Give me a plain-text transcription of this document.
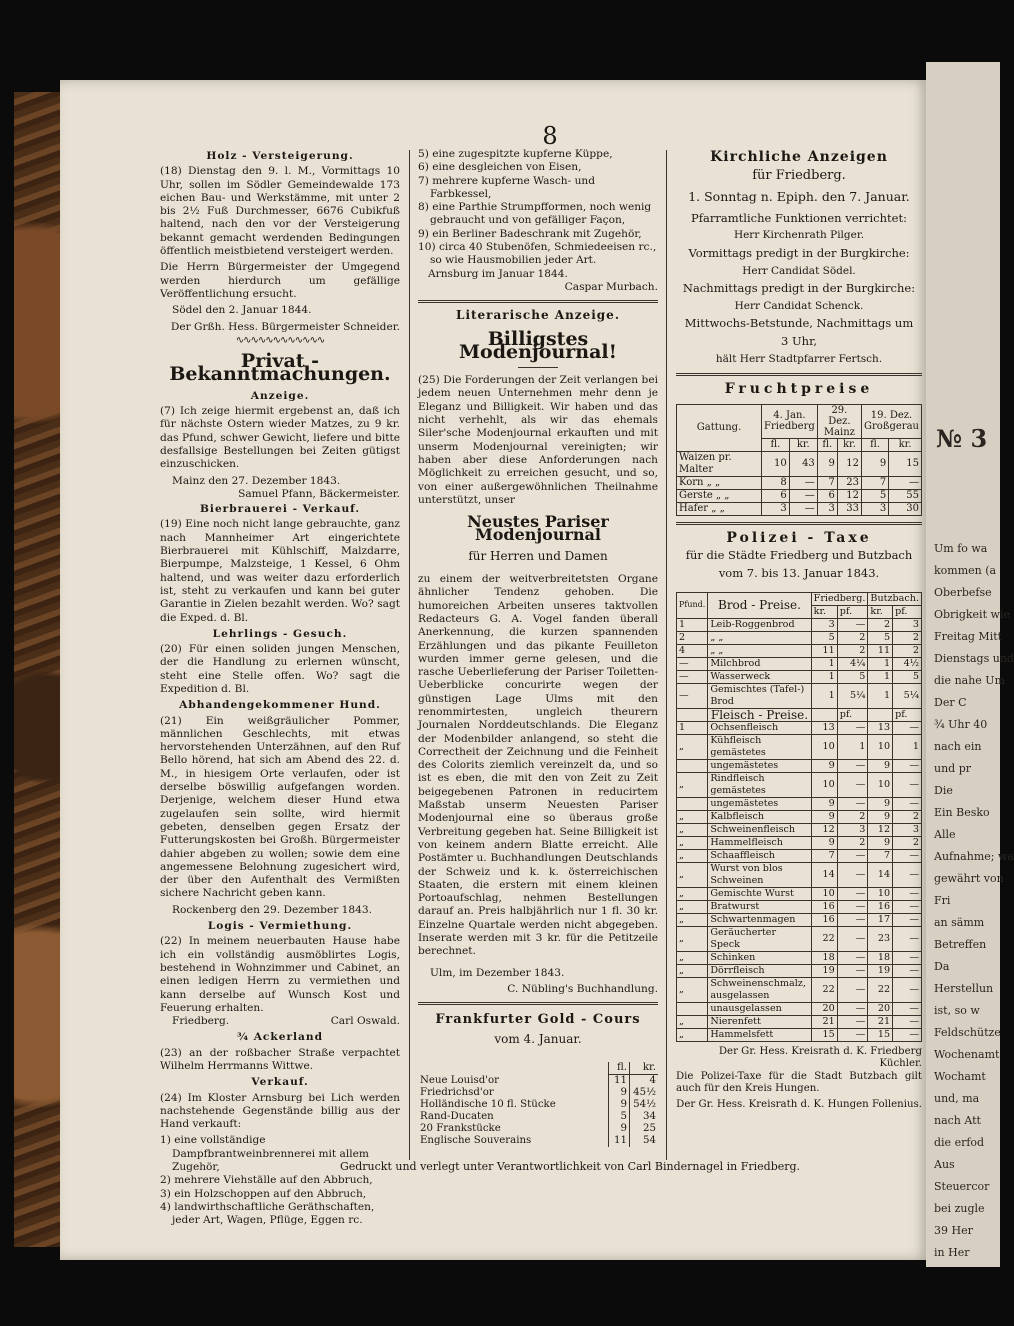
№ 3
Um fo wa
kommen (a
Oberbefse
Obrigkeit wie
Freitag Mitt
Dienstags und
die nahe Um
Der C
¾ Uhr 40
nach ein
und pr
Die
Ein Besko
Alle
Aufnahme; wa
gewährt von
Fri
an sämm
Betreffen
Da
Herstellun
ist, so w
Feldschütze
Wochenamt
Wochamt
und, ma
nach Att
die erfod
Aus
Steuercor
bei zugle
39 Her
in Her
8
Holz - Versteigerung.

(18) Dienstag den 9. l. M., Vormittags 10 Uhr, sollen im Södler Gemeindewalde 173 eichen Bau- und Werkstämme, mit unter 2 bis 2½ Fuß Durchmesser, 6676 Cubikfuß haltend, nach den vor der Versteigerung bekannt gemacht werdenden Bedingungen öffentlich meistbietend versteigert werden.

Die Herrn Bürgermeister der Umgegend werden hierdurch um gefällige Veröffentlichung ersucht.

Södel den 2. Januar 1844.

Der Grßh. Hess. Bürgermeister Schneider.

∿∿∿∿∿∿∿∿∿∿∿∿
Privat - Bekanntmachungen.
Anzeige.

(7) Ich zeige hiermit ergebenst an, daß ich für nächste Ostern wieder Matzes, zu 9 kr. das Pfund, schwer Gewicht, liefere und bitte desfallsige Bestellungen bei Zeiten gütigst einzuschicken.

Mainz den 27. Dezember 1843.

Samuel Pfann, Bäckermeister.

Bierbrauerei - Verkauf.

(19) Eine noch nicht lange gebrauchte, ganz nach Mannheimer Art eingerichtete Bierbrauerei mit Kühlschiff, Malzdarre, Bierpumpe, Malzsteige, 1 Kessel, 6 Ohm haltend, und was weiter dazu erforderlich ist, steht zu verkaufen und kann bei guter Garantie in Zielen bezahlt werden. Wo? sagt die Exped. d. Bl.

Lehrlings - Gesuch.

(20) Für einen soliden jungen Menschen, der die Handlung zu erlernen wünscht, steht eine Stelle offen. Wo? sagt die Expedition d. Bl.

Abhandengekommener Hund.

(21) Ein weißgräulicher Pommer, männlichen Geschlechts, mit etwas hervorstehenden Unterzähnen, auf den Ruf Bello hörend, hat sich am Abend des 22. d. M., in hiesigem Orte verlaufen, oder ist derselbe böswillig aufgefangen worden. Derjenige, welchem dieser Hund etwa zugelaufen sein sollte, wird hiermit gebeten, denselben gegen Ersatz der Futterungskosten bei Großh. Bürgermeister dahier abgeben zu wollen; sowie dem eine angemessene Belohnung zugesichert wird, der über den Aufenthalt des Vermißten sichere Nachricht geben kann.

Rockenberg den 29. Dezember 1843.

Logis - Vermiethung.

(22) In meinem neuerbauten Hause habe ich ein vollständig ausmöblirtes Logis, bestehend in Wohnzimmer und Cabinet, an einen ledigen Herrn zu vermiethen und kann derselbe auf Wunsch Kost und Feuerung erhalten.

Friedberg.	Carl Oswald.

¾ Ackerland

(23) an der roßbacher Straße verpachtet Wilhelm Herrmanns Wittwe.

Verkauf.

(24) Im Kloster Arnsburg bei Lich werden nachstehende Gegenstände billig aus der Hand verkauft:

1) eine vollständige Dampfbrantweinbrennerei mit allem Zugehör,
2) mehrere Viehställe auf den Abbruch,
3) ein Holzschoppen auf den Abbruch,
4) landwirthschaftliche Geräthschaften, jeder Art, Wagen, Pflüge, Eggen rc.
5) eine zugespitzte kupferne Küppe,
6) eine desgleichen von Eisen,
7) mehrere kupferne Wasch- und Farbkessel,
8) eine Parthie Strumpfformen, noch wenig gebraucht und von gefälliger Façon,
9) ein Berliner Badeschrank mit Zugehör,
10) circa 40 Stubenöfen, Schmiedeeisen rc., so wie Hausmobilien jeder Art.

Arnsburg im Januar 1844.

Caspar Murbach.

Literarische Anzeige.
Billigstes Modenjournal!

(25) Die Forderungen der Zeit verlangen bei jedem neuen Unternehmen mehr denn je Eleganz und Billigkeit. Wir haben und das nicht verhehlt, als wir das ehemals Siler'sche Modenjournal erkauften und mit unserm Modenjournal vereinigten; wir haben aber diese Anforderungen nach Möglichkeit zu erreichen gesucht, und so, von einer außergewöhnlichen Theilnahme unterstützt, unser

Neustes Pariser Modenjournal
für Herren und Damen

zu einem der weitverbreitetsten Organe ähnlicher Tendenz gehoben. Die humoreichen Arbeiten unseres taktvollen Redacteurs G. A. Vogel fanden überall Anerkennung, die kurzen spannenden Erzählungen und das pikante Feuilleton wurden immer gerne gelesen, und die rasche Ueberlieferung der Pariser Toiletten-Ueberblicke concurirte wegen der günstigen Lage Ulms mit den renommirtesten, ungleich theurern Journalen Norddeutschlands. Die Eleganz der Modenbilder anlangend, so steht die Correctheit der Zeichnung und die Feinheit des Colorits ziemlich vereinzelt da, und so ist es eben, die mit den von Zeit zu Zeit beigegebenen Patronen in reducirtem Maßstab unserm Neuesten Pariser Modenjournal eine so überaus große Verbreitung gegeben hat. Seine Billigkeit ist von keinem andern Blatte erreicht. Alle Postämter u. Buchhandlungen Deutschlands der Schweiz und k. k. österreichischen Staaten, die erstern mit einem kleinen Portoaufschlag, nehmen Bestellungen darauf an. Preis halbjährlich nur 1 fl. 30 kr. Einzelne Quartale werden nicht abgegeben. Inserate werden mit 3 kr. für die Petitzeile berechnet.

Ulm, im Dezember 1843.

C. Nübling's Buchhandlung.

Frankfurter Gold - Cours
vom 4. Januar.
	fl.	kr.
Neue Louisd'or	11	4
Friedrichsd'or	9	45½
Holländische 10 fl. Stücke	9	54½
Rand-Ducaten	5	34
20 Frankstücke	9	25
Englische Souverains	11	54
Kirchliche Anzeigen
für Friedberg.
1. Sonntag n. Epiph. den 7. Januar.
Pfarramtliche Funktionen verrichtet:
Herr Kirchenrath Pilger.
Vormittags predigt in der Burgkirche:
Herr Candidat Södel.
Nachmittags predigt in der Burgkirche:
Herr Candidat Schenck.
Mittwochs-Betstunde, Nachmittags um
3 Uhr,
hält Herr Stadtpfarrer Fertsch.
Fruchtpreise
Gattung.	4. Jan.
Friedberg		29. Dez.
Mainz		19. Dez.
Großgerau	
	fl.	kr.	fl.	kr.	fl.	kr.
Waizen pr. Malter	10	43	9	12	9	15
Korn „ „	8	—	7	23	7	—
Gerste „ „	6	—	6	12	5	55
Hafer „ „	3	—	3	33	3	30
Polizei - Taxe
für die Städte Friedberg und Butzbach
vom 7. bis 13. Januar 1843.
Pfund.	Brod - Preise.	Friedberg.		Butzbach.	
		kr.	pf.	kr.	pf.
1	Leib-Roggenbrod	3	—	2	3
2	„ „	5	2	5	2
4	„ „	11	2	11	2
—	Milchbrod	1	4¼	1	4½
—	Wasserweck	1	5	1	5
—	Gemischtes (Tafel-) Brod	1	5¼	1	5¼
	Fleisch - Preise.		pf.		pf.
1	Ochsenfleisch	13	—	13	—
„	Kühfleisch gemästetes	10	1	10	1
	ungemästetes	9	—	9	—
„	Rindfleisch gemästetes	10	—	10	—
	ungemästetes	9	—	9	—
„	Kalbfleisch	9	2	9	2
„	Schweinenfleisch	12	3	12	3
„	Hammelfleisch	9	2	9	2
„	Schaaffleisch	7	—	7	—
„	Wurst von blos Schweinen	14	—	14	—
„	Gemischte Wurst	10	—	10	—
„	Bratwurst	16	—	16	—
„	Schwartenmagen	16	—	17	—
„	Geräucherter Speck	22	—	23	—
„	Schinken	18	—	18	—
„	Dörrfleisch	19	—	19	—
„	Schweinenschmalz, ausgelassen	22	—	22	—
	unausgelassen	20	—	20	—
„	Nierenfett	21	—	21	—
„	Hammelsfett	15	—	15	—

Der Gr. Hess. Kreisrath d. K. Friedberg Küchler.

Die Polizei-Taxe für die Stadt Butzbach gilt auch für den Kreis Hungen.

Der Gr. Hess. Kreisrath d. K. Hungen Follenius.

Gedruckt und verlegt unter Verantwortlichkeit von Carl Bindernagel in Friedberg.
